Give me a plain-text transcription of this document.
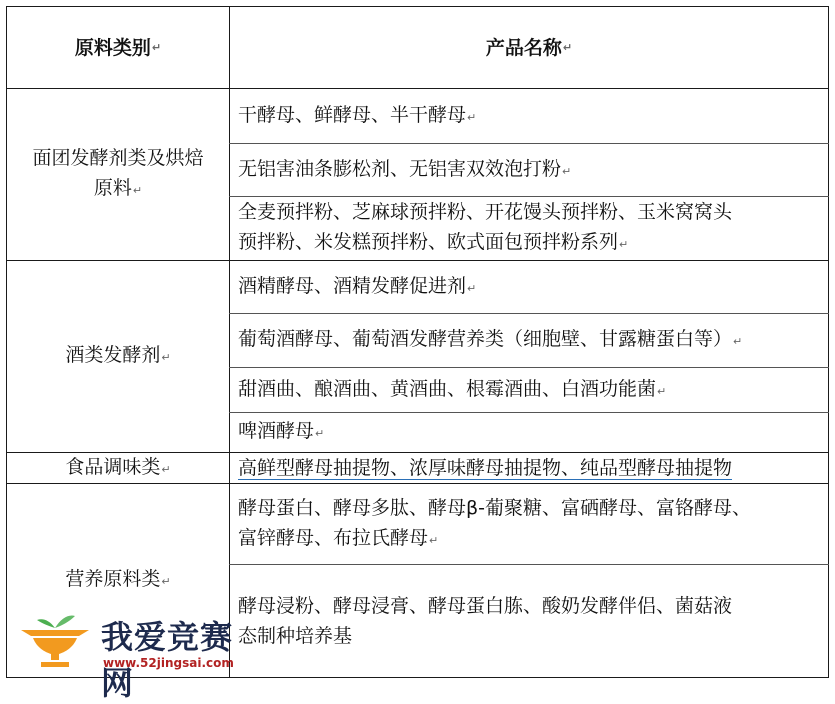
原料类别 ↵	产品名称 ↵
面团发酵剂类及烘焙
原料↵
干酵母、鲜酵母、半干酵母↵
无铝害油条膨松剂、无铝害双效泡打粉↵
全麦预拌粉、芝麻球预拌粉、开花馒头预拌粉、玉米窝窝头
预拌粉、米发糕预拌粉、欧式面包预拌粉系列↵
酒类发酵剂↵
酒精酵母、酒精发酵促进剂↵
葡萄酒酵母、葡萄酒发酵营养类（细胞壁、甘露糖蛋白等）↵
甜酒曲、酿酒曲、黄酒曲、根霉酒曲、白酒功能菌↵
啤酒酵母↵
食品调味类↵	高鲜型酵母抽提物、浓厚味酵母抽提物、纯品型酵母抽提物
营养原料类↵
酵母蛋白、酵母多肽、酵母β-葡聚糖、富硒酵母、富铬酵母、
富锌酵母、布拉氏酵母↵
酵母浸粉、酵母浸膏、酵母蛋白胨、酸奶发酵伴侣、菌菇液
态制种培养基
我爱竞赛网
www.52jingsai.com
